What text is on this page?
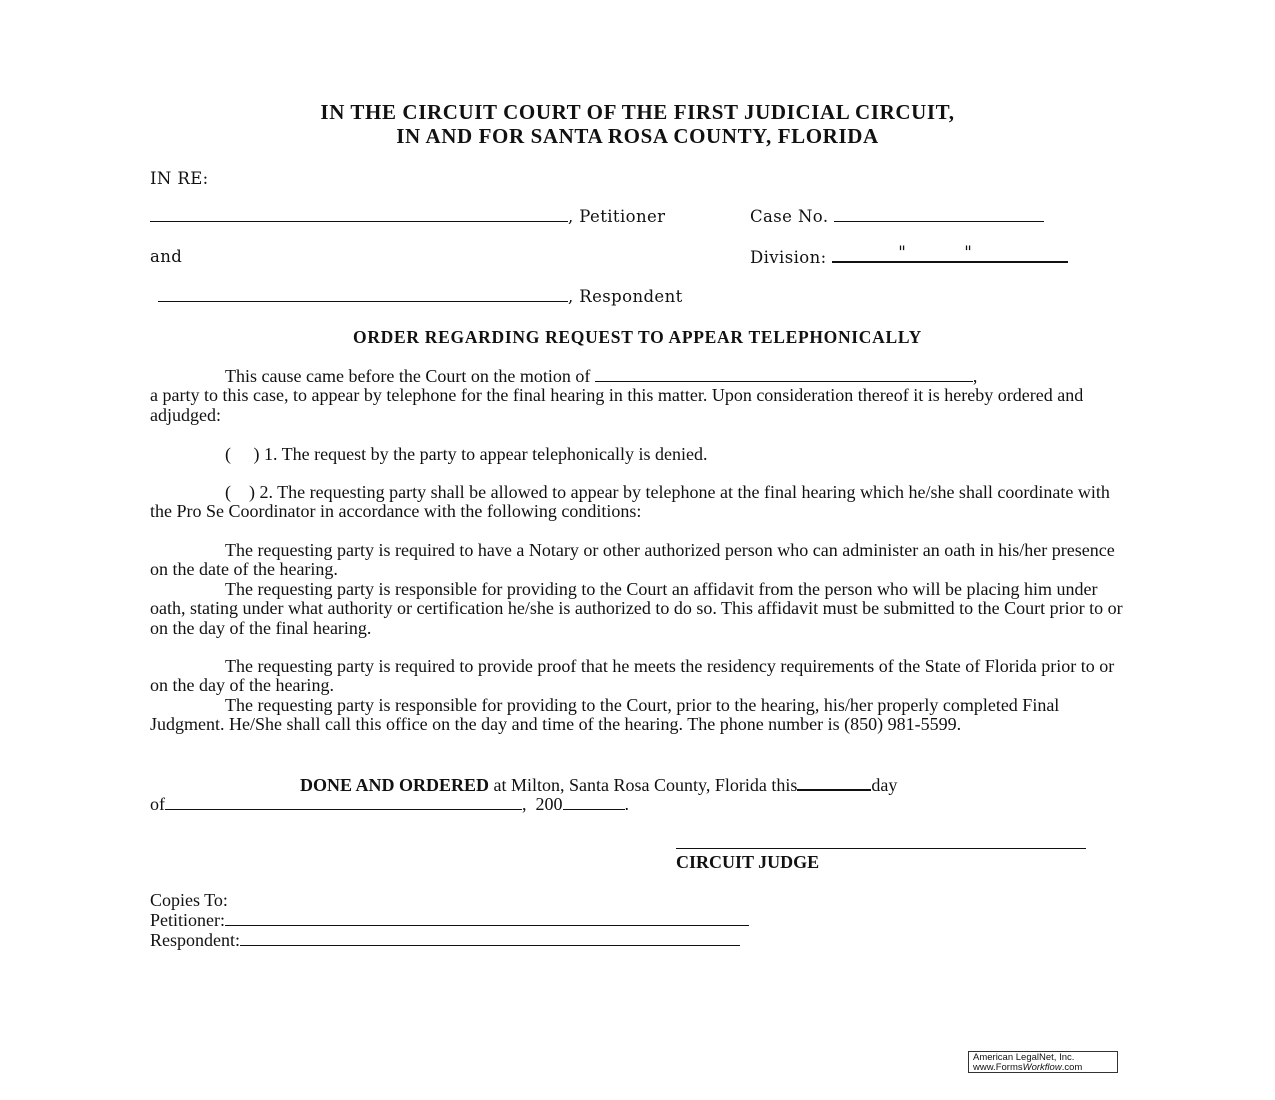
IN THE CIRCUIT COURT OF THE FIRST JUDICIAL CIRCUIT,
IN AND FOR SANTA ROSA COUNTY, FLORIDA
IN RE:
, Petitioner	Case No.
and	Division:	"	"
, Respondent
ORDER REGARDING REQUEST TO APPEAR TELEPHONICALLY
This cause came before the Court on the motion of	,
a party to this case, to appear by telephone for the final hearing in this matter. Upon consideration thereof it is hereby ordered and adjudged:
(     ) 1. The request by the party to appear telephonically is denied.
(    ) 2. The requesting party shall be allowed to appear by telephone at the final hearing which he/she shall coordinate with the Pro Se Coordinator in accordance with the following conditions:
The requesting party is required to have a Notary or other authorized person who can administer an oath in his/her presence on the date of the hearing.
The requesting party is responsible for providing to the Court an affidavit from the person who will be placing him under oath, stating under what authority or certification he/she is authorized to do so. This affidavit must be submitted to the Court prior to or on the day of the final hearing.
The requesting party is required to provide proof that he meets the residency requirements of the State of Florida prior to or on the day of the hearing.
The requesting party is responsible for providing to the Court, prior to the hearing, his/her properly completed Final Judgment. He/She shall call this office on the day and time of the hearing. The phone number is (850) 981-5599.
DONE AND ORDERED at Milton, Santa Rosa County, Florida this	day
of	,  200	.
CIRCUIT JUDGE
Copies To:
Petitioner:
Respondent:
American LegalNet, Inc.
www.FormsWorkflow.com
